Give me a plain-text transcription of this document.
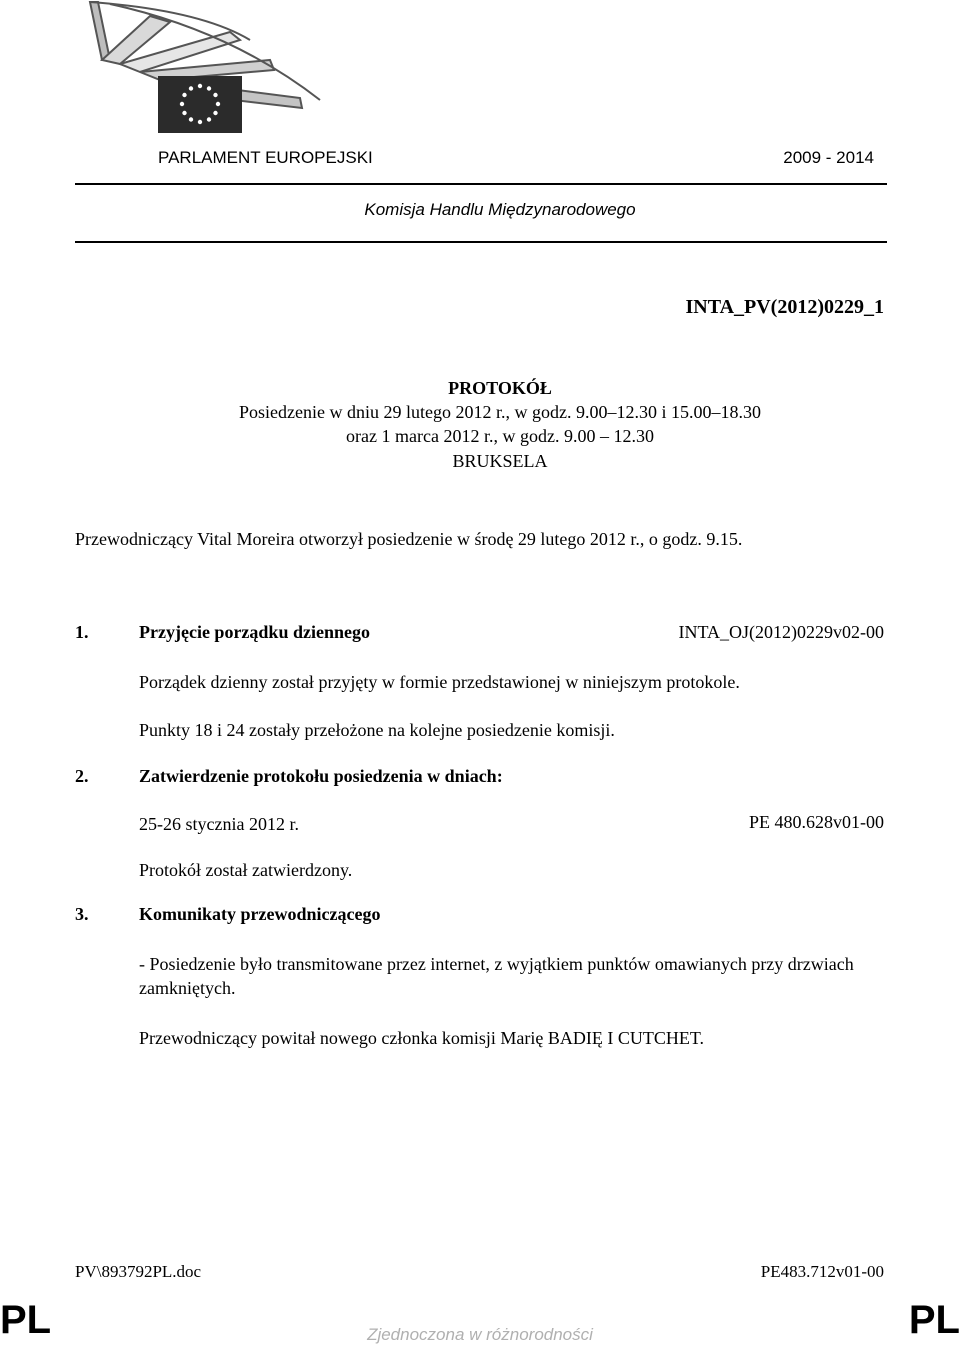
PARLAMENT EUROPEJSKI	2009 - 2014
Komisja Handlu Międzynarodowego
INTA_PV(2012)0229_1
PROTOKÓŁ
Posiedzenie w dniu 29 lutego 2012 r., w godz. 9.00–12.30 i 15.00–18.30
oraz 1 marca 2012 r., w godz. 9.00 – 12.30
BRUKSELA
Przewodniczący Vital Moreira otworzył posiedzenie w środę 29 lutego 2012 r., o godz. 9.15.
1.	Przyjęcie porządku dziennego	INTA_OJ(2012)0229v02-00
Porządek dzienny został przyjęty w formie przedstawionej w niniejszym protokole.
Punkty 18 i 24 zostały przełożone na kolejne posiedzenie komisji.
2.	Zatwierdzenie protokołu posiedzenia w dniach:
25-26 stycznia 2012 r.	PE 480.628v01-00
Protokół został zatwierdzony.
3.	Komunikaty przewodniczącego
- Posiedzenie było transmitowane przez internet, z wyjątkiem punktów omawianych przy drzwiach zamkniętych.
Przewodniczący powitał nowego członka komisji Marię BADIĘ I CUTCHET.
PV\893792PL.doc	PE483.712v01-00
PL	PL
Zjednoczona w różnorodności
